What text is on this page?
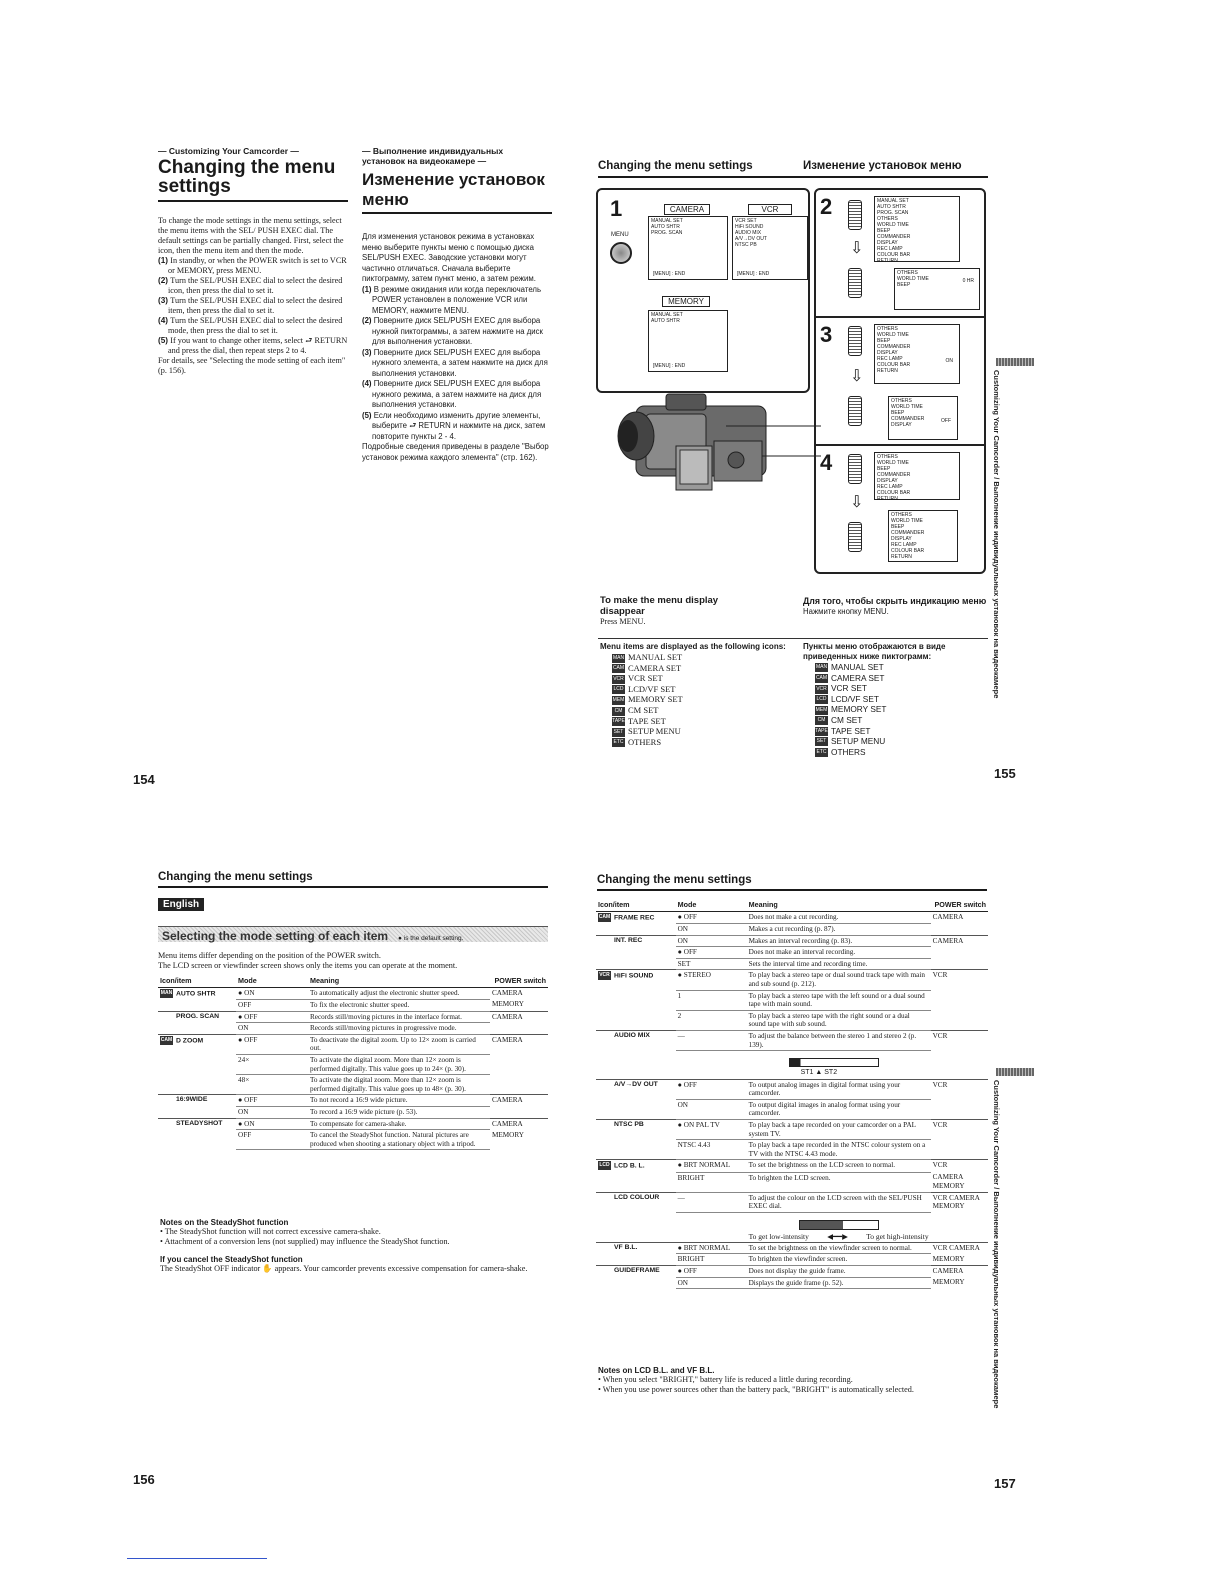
— Customizing Your Camcorder —
Changing the menu settings
To change the mode settings in the menu settings, select the menu items with the SEL/ PUSH EXEC dial. The default settings can be partially changed. First, select the icon, then the menu item and then the mode.
(1) In standby, or when the POWER switch is set to VCR or MEMORY, press MENU.
(2) Turn the SEL/PUSH EXEC dial to select the desired icon, then press the dial to set it.
(3) Turn the SEL/PUSH EXEC dial to select the desired item, then press the dial to set it.
(4) Turn the SEL/PUSH EXEC dial to select the desired mode, then press the dial to set it.
(5) If you want to change other items, select ⮐ RETURN and press the dial, then repeat steps 2 to 4.
For details, see "Selecting the mode setting of each item" (p. 156).
— Выполнение индивидуальных установок на видеокамере —
Изменение установок меню
Для изменения установок режима в установках меню выберите пункты меню с помощью диска SEL/PUSH EXEC. Заводские установки могут частично отличаться. Сначала выберите пиктограмму, затем пункт меню, а затем режим.
(1) В режиме ожидания или когда переключатель POWER установлен в положение VCR или MEMORY, нажмите MENU.
(2) Поверните диск SEL/PUSH EXEC для выбора нужной пиктограммы, а затем нажмите на диск для выполнения установки.
(3) Поверните диск SEL/PUSH EXEC для выбора нужного элемента, а затем нажмите на диск для выполнения установки.
(4) Поверните диск SEL/PUSH EXEC для выбора нужного режима, а затем нажмите на диск для выполнения установки.
(5) Если необходимо изменить другие элементы, выберите ⮐ RETURN и нажмите на диск, затем повторите пункты 2 - 4.
Подробные сведения приведены в разделе "Выбор установок режима каждого элемента" (стр. 162).
154
Changing the menu settings	Изменение установок меню
1
MENU
CAMERA	VCR
MANUAL SET
AUTO SHTR
PROG. SCAN
[MENU] : END
VCR SET
HiFi SOUND
AUDIO MIX
A/V→DV OUT
NTSC PB
[MENU] : END
MEMORY
MANUAL SET
AUTO SHTR
[MENU] : END
2
3
4
⇩
⇩
⇩
MANUAL SET
AUTO SHTR
PROG. SCAN
OTHERS
WORLD TIME
BEEP
COMMANDER
DISPLAY
REC LAMP
COLOUR BAR
RETURN
OTHERS
WORLD TIME
BEEP
0 HR
OTHERS
WORLD TIME
BEEP
COMMANDER
DISPLAY
REC LAMP
COLOUR BAR
RETURN
ON
OTHERS
WORLD TIME
BEEP
COMMANDER
DISPLAY
OFF
OTHERS
WORLD TIME
BEEP
COMMANDER
DISPLAY
REC LAMP
COLOUR BAR
RETURN
OTHERS
WORLD TIME
BEEP
COMMANDER
DISPLAY
REC LAMP
COLOUR BAR
RETURN
To make the menu display disappear
Press MENU.
Для того, чтобы скрыть индикацию меню
Нажмите кнопку MENU.
Menu items are displayed as the following icons:
MAN MANUAL SET
CAM CAMERA SET
VCR VCR SET
LCD LCD/VF SET
MEM MEMORY SET
CM CM SET
TAPE TAPE SET
SET SETUP MENU
ETC OTHERS
Пункты меню отображаются в виде приведенных ниже пиктограмм:
MAN MANUAL SET
CAM CAMERA SET
VCR VCR SET
LCD LCD/VF SET
MEM MEMORY SET
CM CM SET
TAPE TAPE SET
SET SETUP MENU
ETC OTHERS
Customizing Your Camcorder / Выполнение индивидуальных установок на видеокамере
155
Changing the menu settings
English
Selecting the mode setting of each item ● is the default setting.
Menu items differ depending on the position of the POWER switch.
The LCD screen or viewfinder screen shows only the items you can operate at the moment.
Icon/item	Mode	Meaning	POWER switch
MAN AUTO SHTR	● ON	To automatically adjust the electronic shutter speed.	CAMERA
	OFF	To fix the electronic shutter speed.	MEMORY
PROG. SCAN	● OFF	Records still/moving pictures in the interlace format.	CAMERA
	ON	Records still/moving pictures in progressive mode.	
CAM D ZOOM	● OFF	To deactivate the digital zoom. Up to 12× zoom is carried out.	CAMERA
	24×	To activate the digital zoom. More than 12× zoom is performed digitally. This value goes up to 24× (p. 30).	
	48×	To activate the digital zoom. More than 12× zoom is performed digitally. This value goes up to 48× (p. 30).	
16:9WIDE	● OFF	To not record a 16:9 wide picture.	CAMERA
	ON	To record a 16:9 wide picture (p. 53).	
STEADYSHOT	● ON	To compensate for camera-shake.	CAMERA
	OFF	To cancel the SteadyShot function. Natural pictures are produced when shooting a stationary object with a tripod.	MEMORY
Notes on the SteadyShot function
• The SteadyShot function will not correct excessive camera-shake.
• Attachment of a conversion lens (not supplied) may influence the SteadyShot function.
If you cancel the SteadyShot function
The SteadyShot OFF indicator ✋ appears. Your camcorder prevents excessive compensation for camera-shake.
156
Changing the menu settings
Icon/item	Mode	Meaning	POWER switch
CAM FRAME REC	● OFF	Does not make a cut recording.	CAMERA
	ON	Makes a cut recording (p. 87).	
INT. REC	ON	Makes an interval recording (p. 83).	CAMERA
	● OFF	Does not make an interval recording.	
	SET	Sets the interval time and recording time.	
VCR HiFi SOUND	● STEREO	To play back a stereo tape or dual sound track tape with main and sub sound (p. 212).	VCR
	1	To play back a stereo tape with the left sound or a dual sound tape with main sound.	
	2	To play back a stereo tape with the right sound or a dual sound tape with sub sound.	
AUDIO MIX	—	To adjust the balance between the stereo 1 and stereo 2 (p. 139).	VCR

		ST1 ▲ ST2	

A/V→DV OUT	● OFF	To output analog images in digital format using your camcorder.	VCR
	ON	To output digital images in analog format using your camcorder.	
NTSC PB	● ON PAL TV	To play back a tape recorded on your camcorder on a PAL system TV.	VCR
	NTSC 4.43	To play back a tape recorded in the NTSC colour system on a TV with the NTSC 4.43 mode.	
LCD LCD B. L.	● BRT NORMAL	To set the brightness on the LCD screen to normal.	VCR
	BRIGHT	To brighten the LCD screen.	CAMERA MEMORY
LCD COLOUR	—	To adjust the colour on the LCD screen with the SEL/PUSH EXEC dial.	VCR CAMERA MEMORY

		To get low-intensity ◀━━▶ To get high-intensity	

VF B.L.	● BRT NORMAL	To set the brightness on the viewfinder screen to normal.	VCR CAMERA
	BRIGHT	To brighten the viewfinder screen.	MEMORY
GUIDEFRAME	● OFF	Does not display the guide frame.	CAMERA
	ON	Displays the guide frame (p. 52).	MEMORY
Notes on LCD B.L. and VF B.L.
• When you select "BRIGHT," battery life is reduced a little during recording.
• When you use power sources other than the battery pack, "BRIGHT" is automatically selected.	Customizing Your Camcorder / Выполнение индивидуальных установок на видеокамере
157
